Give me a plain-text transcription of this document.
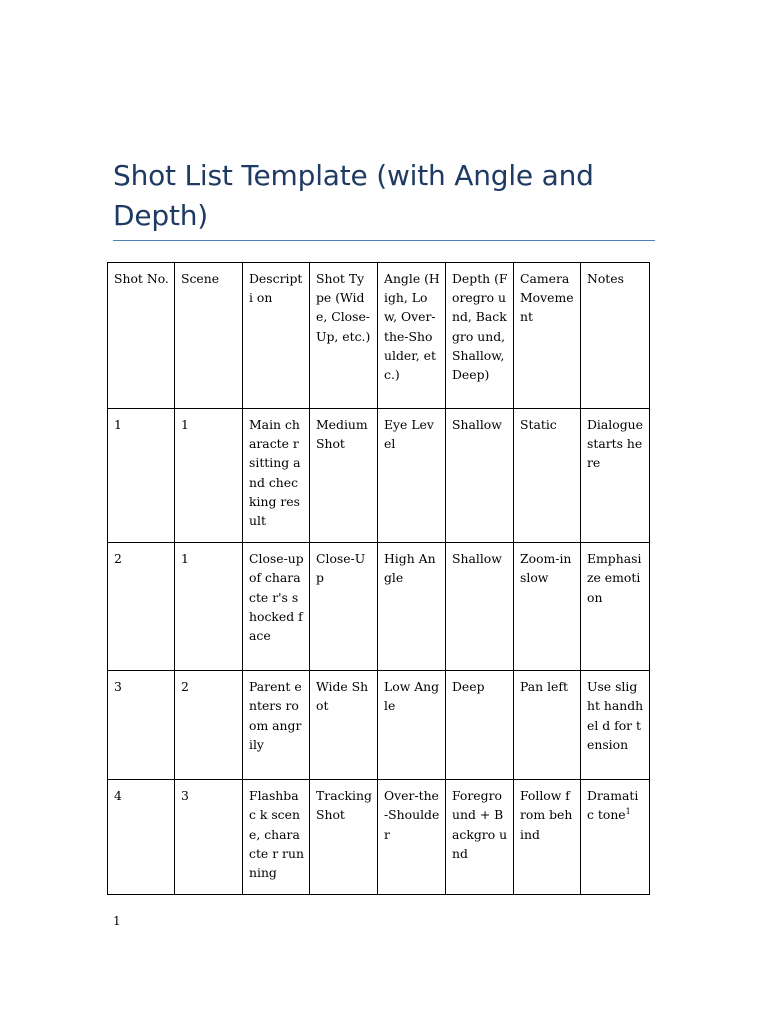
Shot List Template (with Angle and Depth)
Shot No.	Scene	Descripti on	Shot Type (Wide, Close-Up, etc.)	Angle (High, Low, Over-the-Shoulder, etc.)	Depth (Foregro und, Backgro und, Shallow, Deep)	Camera Moveme nt	Notes
1	1	Main characte r sitting and checking result	Medium Shot	Eye Level	Shallow	Static	Dialogue starts here
2	1	Close-up of characte r's shocked face	Close-Up	High Angle	Shallow	Zoom-in slow	Emphasi ze emotion
3	2	Parent enters room angrily	Wide Shot	Low Angle	Deep	Pan left	Use slight handhel d for tension
4	3	Flashbac k scene, characte r running	Tracking Shot	Over-the-Shoulder	Foregro und + Backgro und	Follow from behind	Dramati c tone$^1$
1
